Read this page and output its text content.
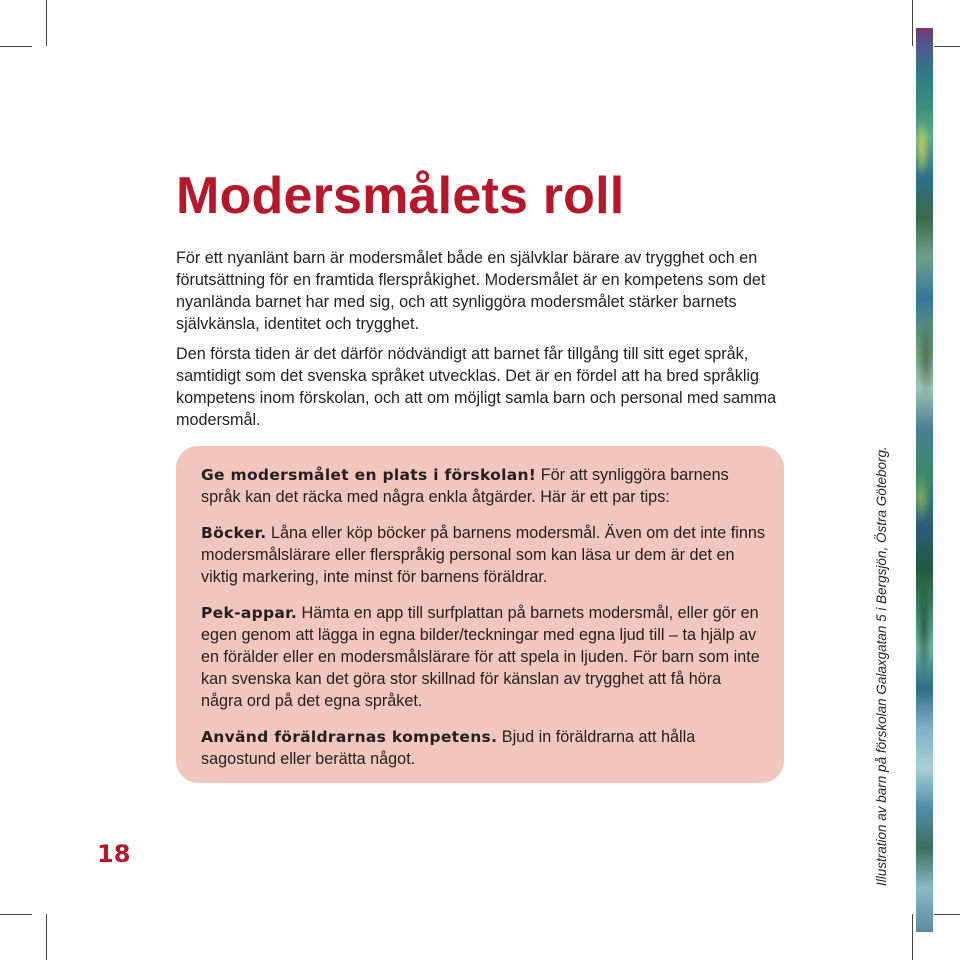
Modersmålets roll

För ett nyanlänt barn är modersmålet både en självklar bärare av trygghet och en förutsättning för en framtida flerspråkighet. Modersmålet är en kompetens som det nyanlända barnet har med sig, och att synliggöra modersmålet stärker barnets självkänsla, identitet och trygghet.

Den första tiden är det därför nödvändigt att barnet får tillgång till sitt eget språk, samtidigt som det svenska språket utvecklas. Det är en fördel att ha bred språklig kompetens inom förskolan, och att om möjligt samla barn och personal med samma modersmål.

Ge modersmålet en plats i förskolan! För att synliggöra barnens språk kan det räcka med några enkla åtgärder. Här är ett par tips:

Böcker. Låna eller köp böcker på barnens modersmål. Även om det inte finns modersmålslärare eller flerspråkig personal som kan läsa ur dem är det en viktig markering, inte minst för barnens föräldrar.

Pek-appar. Hämta en app till surfplattan på barnets modersmål, eller gör en egen genom att lägga in egna bilder/teckningar med egna ljud till – ta hjälp av en förälder eller en modersmålslärare för att spela in ljuden. För barn som inte kan svenska kan det göra stor skillnad för känslan av trygghet att få höra några ord på det egna språket.

Använd föräldrarnas kompetens. Bjud in föräldrarna att hålla sagostund eller berätta något.	Illustration av barn på förskolan Galaxgatan 5 i Bergsjön, Östra Göteborg.
18
